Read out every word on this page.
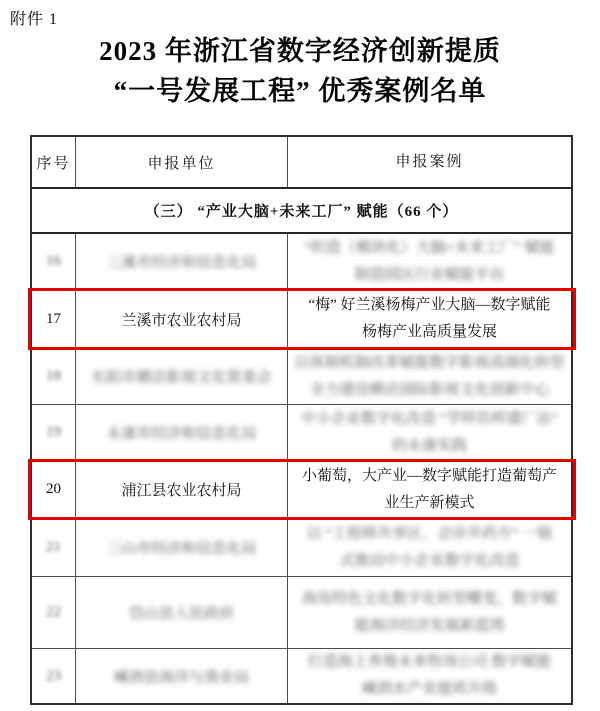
附件 1
2023 年浙江省数字经济创新提质
“一号发展工程” 优秀案例名单
序号	申报单位	申报案例
（三） “产业大脑+未来工厂” 赋能（66 个）
16	三溪市经济和信息化局
“织造（模块化）大脑+未来工厂” 赋能
制造园区行业赋能平台
17	兰溪市农业农村局
“梅” 好兰溪杨梅产业大脑—数字赋能
杨梅产业高质量发展
18 东阳市横店影视文化管委会
以体制机制改革赋能数字影视高端化转型
全力建设横店国际影视文化创新中心
19	永康市经济和信息化局
中小企业数字化改造 “学样仿样建厂法”
的永康实践
20	浦江县农业农村局
小葡萄，大产业—数字赋能打造葡萄产
业生产新模式
21	三山市经济和信息化局
以 “工程师共享区、会诊开药方” 一链
式推动中小企业数字化改造
22	岱山县人民政府
海岛特色文化数字化转型蝶变，数字赋
能海洋经济发展新蓝图
23	嵊泗县海洋与渔业局
打造海上养殖未来牧场公司 数字赋能
嵊泗水产业提质升级
